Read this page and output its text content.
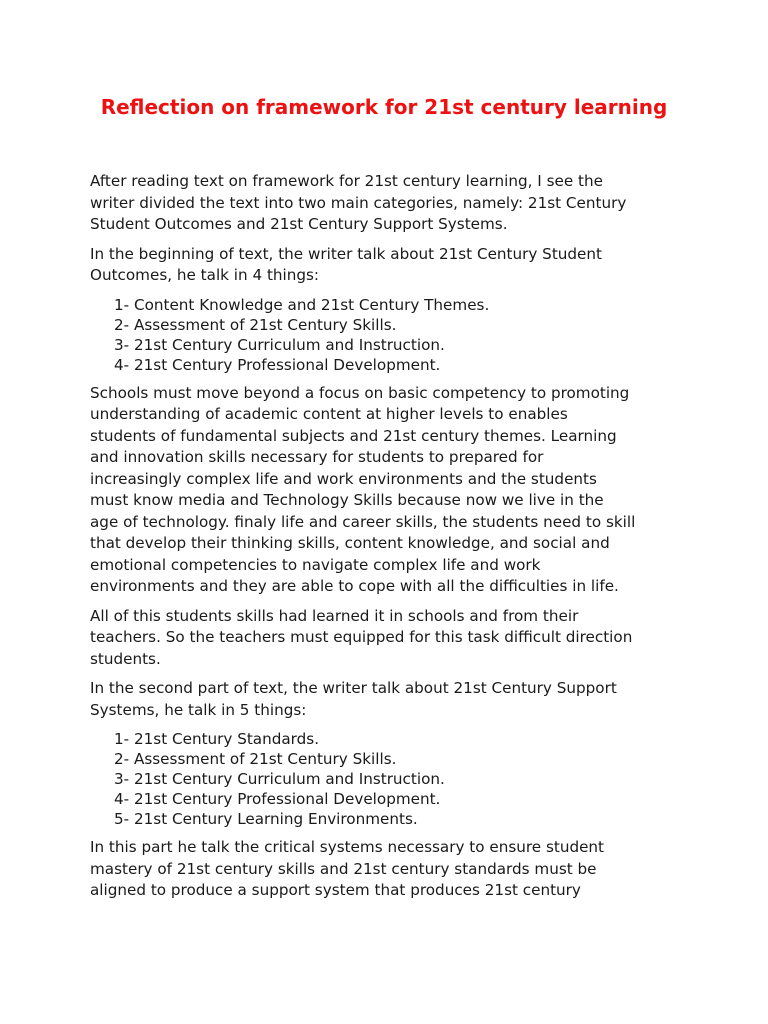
Reflection on framework for 21st century learning

After reading text on framework for 21st century learning, I see the
writer divided the text into two main categories, namely: 21st Century
Student Outcomes and 21st Century Support Systems.

In the beginning of text, the writer talk about 21st Century Student
Outcomes, he talk in 4 things:

1- Content Knowledge and 21st Century Themes.
2- Assessment of 21st Century Skills.
3- 21st Century Curriculum and Instruction.
4- 21st Century Professional Development.

Schools must move beyond a focus on basic competency to promoting
understanding of academic content at higher levels to enables
students of fundamental subjects and 21st century themes. Learning
and innovation skills necessary for students to prepared for
increasingly complex life and work environments and the students
must know media and Technology Skills because now we live in the
age of technology. finaly life and career skills, the students need to skill
that develop their thinking skills, content knowledge, and social and
emotional competencies to navigate complex life and work
environments and they are able to cope with all the difficulties in life.

All of this students skills had learned it in schools and from their
teachers. So the teachers must equipped for this task difficult direction
students.

In the second part of text, the writer talk about 21st Century Support
Systems, he talk in 5 things:

1- 21st Century Standards.
2- Assessment of 21st Century Skills.
3- 21st Century Curriculum and Instruction.
4- 21st Century Professional Development.
5- 21st Century Learning Environments.

In this part he talk the critical systems necessary to ensure student
mastery of 21st century skills and 21st century standards must be
aligned to produce a support system that produces 21st century
